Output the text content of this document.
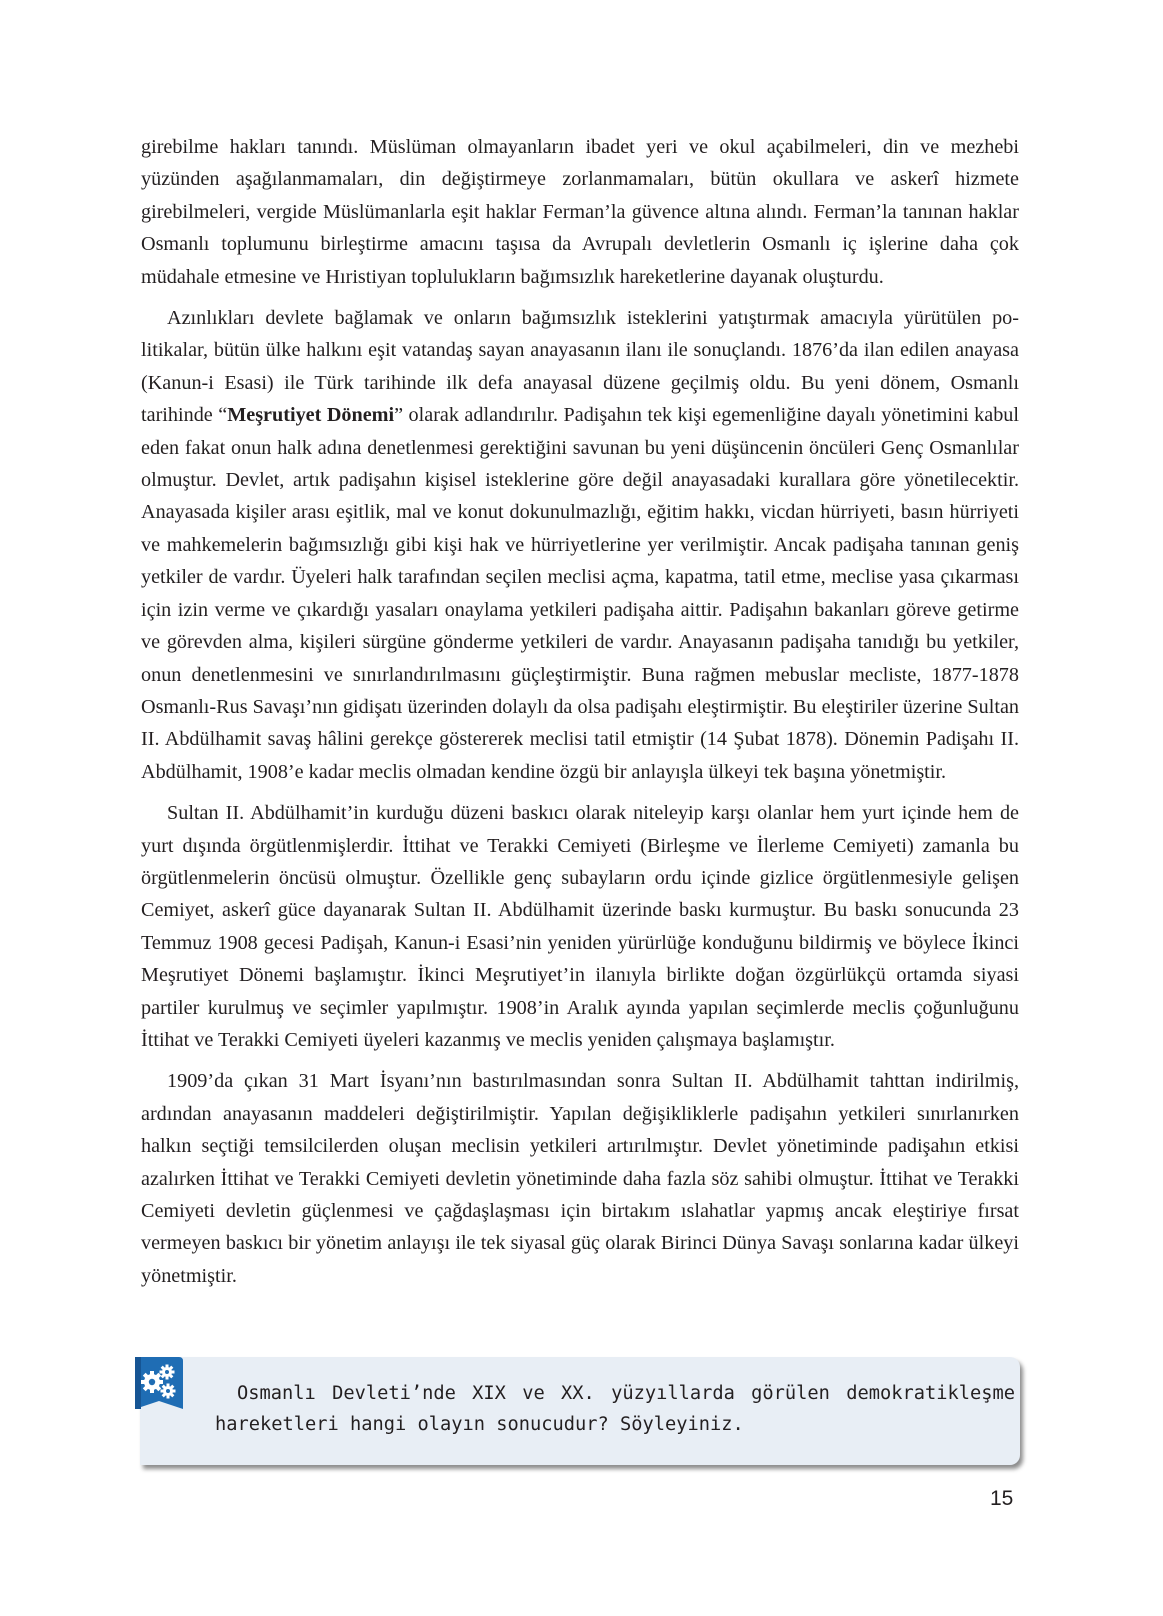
girebilme hakları tanındı. Müslüman olmayanların ibadet yeri ve okul açabilmeleri, din ve mezhebi yüzünden aşağılanmamaları, din değiştirmeye zorlanmamaları, bütün okullara ve askerî hizmete girebilmeleri, vergide Müslümanlarla eşit haklar Ferman’la güvence altına alındı. Ferman’la tanınan haklar Osmanlı toplumunu birleştirme amacını taşısa da Avrupalı devletlerin Osmanlı iç işlerine daha çok müdahale etmesine ve Hıristiyan toplulukların bağımsızlık hareketlerine dayanak oluşturdu.

Azınlıkları devlete bağlamak ve onların bağımsızlık isteklerini yatıştırmak amacıyla yürütülen politikalar, bütün ülke halkını eşit vatandaş sayan anayasanın ilanı ile sonuçlandı. 1876’da ilan edilen anayasa (Kanun-i Esasi) ile Türk tarihinde ilk defa anayasal düzene geçilmiş oldu. Bu yeni dönem, Osmanlı tarihinde “Meşrutiyet Dönemi” olarak adlandırılır. Padişahın tek kişi egemenliğine dayalı yönetimini kabul eden fakat onun halk adına denetlenmesi gerektiğini savunan bu yeni düşüncenin öncüleri Genç Osmanlılar olmuştur. Devlet, artık padişahın kişisel isteklerine göre değil anayasadaki kurallara göre yönetilecektir. Anayasada kişiler arası eşitlik, mal ve konut dokunulmazlığı, eğitim hakkı, vicdan hürriyeti, basın hürriyeti ve mahkemelerin bağımsızlığı gibi kişi hak ve hürriyetlerine yer verilmiştir. Ancak padişaha tanınan geniş yetkiler de vardır. Üyeleri halk tarafından seçilen meclisi açma, kapatma, tatil etme, meclise yasa çıkarması için izin verme ve çıkardığı yasaları onaylama yetkileri padişaha aittir. Padişahın bakanları göreve getirme ve görevden alma, kişileri sürgüne gönderme yetkileri de vardır. Anayasanın padişaha tanıdığı bu yetkiler, onun denetlenmesini ve sınırlandırılmasını güçleştirmiştir. Buna rağmen mebuslar mecliste, 1877-1878 Osmanlı-Rus Savaşı’nın gidişatı üzerinden dolaylı da olsa padişahı eleştirmiştir. Bu eleştiriler üzerine Sultan II. Abdülhamit savaş hâlini gerekçe göstererek meclisi tatil etmiştir (14 Şubat 1878). Dönemin Padişahı II. Abdülhamit, 1908’e kadar meclis olmadan kendine özgü bir anlayışla ülkeyi tek başına yönetmiştir.

Sultan II. Abdülhamit’in kurduğu düzeni baskıcı olarak niteleyip karşı olanlar hem yurt içinde hem de yurt dışında örgütlenmişlerdir. İttihat ve Terakki Cemiyeti (Birleşme ve İlerleme Cemiyeti) zamanla bu örgütlenmelerin öncüsü olmuştur. Özellikle genç subayların ordu içinde gizlice örgütlenmesiyle gelişen Cemiyet, askerî güce dayanarak Sultan II. Abdülhamit üzerinde baskı kurmuştur. Bu baskı sonucunda 23 Temmuz 1908 gecesi Padişah, Kanun-i Esasi’nin yeniden yürürlüğe konduğunu bildirmiş ve böylece İkinci Meşrutiyet Dönemi başlamıştır. İkinci Meşrutiyet’in ilanıyla birlikte doğan özgürlükçü ortamda siyasi partiler kurulmuş ve seçimler yapılmıştır. 1908’in Aralık ayında yapılan seçimlerde meclis çoğunluğunu İttihat ve Terakki Cemiyeti üyeleri kazanmış ve meclis yeniden çalışmaya başlamıştır.

1909’da çıkan 31 Mart İsyanı’nın bastırılmasından sonra Sultan II. Abdülhamit tahttan indirilmiş, ardından anayasanın maddeleri değiştirilmiştir. Yapılan değişikliklerle padişahın yetkileri sınırlanırken halkın seçtiği temsilcilerden oluşan meclisin yetkileri artırılmıştır. Devlet yönetiminde padişahın etkisi azalırken İttihat ve Terakki Cemiyeti devletin yönetiminde daha fazla söz sahibi olmuştur. İttihat ve Terakki Cemiyeti devletin güçlenmesi ve çağdaşlaşması için birtakım ıslahatlar yapmış ancak eleştiriye fırsat vermeyen baskıcı bir yönetim anlayışı ile tek siyasal güç olarak Birinci Dünya Savaşı sonlarına kadar ülkeyi yönetmiştir.

Osmanlı Devleti’nde XIX ve XX. yüzyıllarda görülen demokratikleşme hareketleri hangi olayın sonucudur? Söyleyiniz.
15
